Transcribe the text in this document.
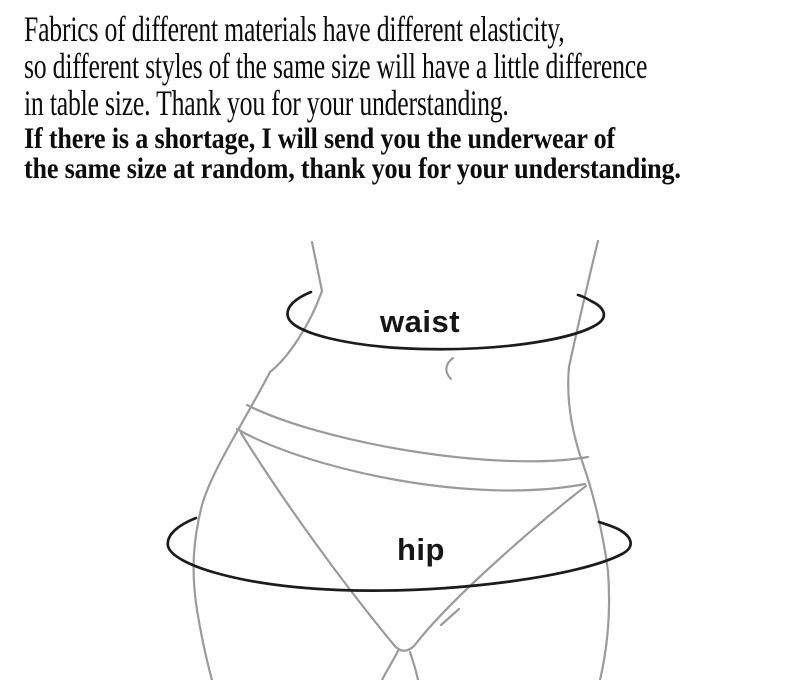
Fabrics of different materials have different elasticity,
so different styles of the same size will have a little difference
in table size. Thank you for your understanding.
If there is a shortage, I will send you the underwear of
the same size at random, thank you for your understanding.
waist
hip
